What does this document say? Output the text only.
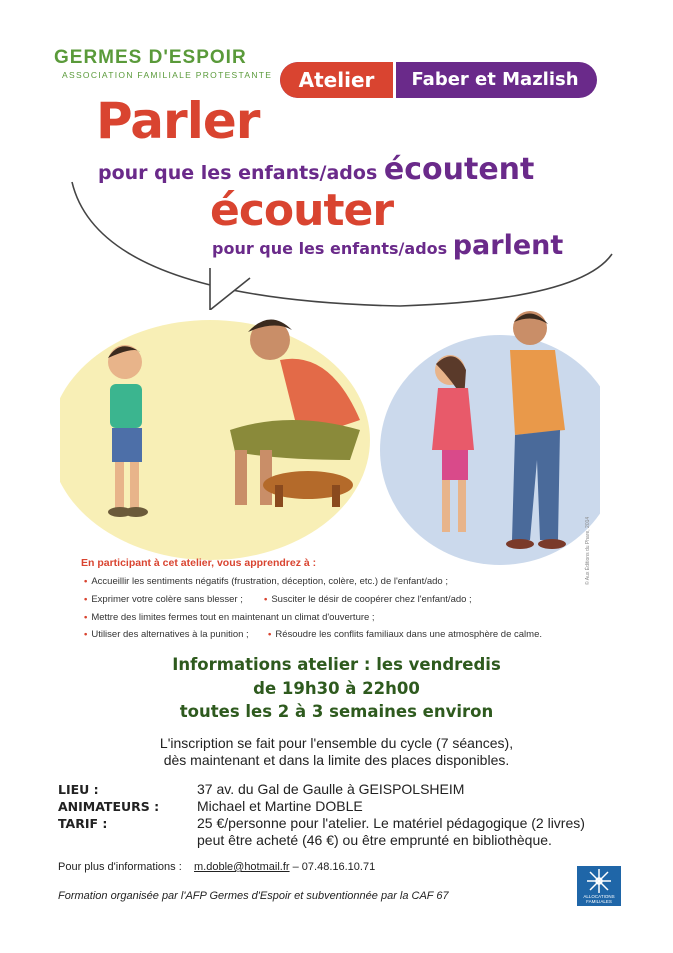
GERMES D'ESPOIR
ASSOCIATION FAMILIALE PROTESTANTE	Atelier	Faber et Mazlish
Parler
pour que les enfants/ados écoutent
écouter
pour que les enfants/ados parlent
En participant à cet atelier, vous apprendrez à :
• Accueillir les sentiments négatifs (frustration, déception, colère, etc.) de l'enfant/ado ;
• Exprimer votre colère sans blesser ; • Susciter le désir de coopérer chez l'enfant/ado ;
• Mettre des limites fermes tout en maintenant un climat d'ouverture ;
• Utiliser des alternatives à la punition ; • Résoudre les conflits familiaux dans une atmosphère de calme.
© Aux Éditions du Phare, 2014
Informations atelier : les vendredis
de 19h30 à 22h00
toutes les 2 à 3 semaines environ
L'inscription se fait pour l'ensemble du cycle (7 séances),
dès maintenant et dans la limite des places disponibles.
LIEU :	37 av. du Gal de Gaulle à GEISPOLSHEIM
ANIMATEURS :	Michael et Martine DOBLE
TARIF :	25 €/personne pour l'atelier. Le matériel pédagogique (2 livres)
peut être acheté (46 €) ou être emprunté en bibliothèque.
Pour plus d'informations : m.doble@hotmail.fr – 07.48.16.10.71
Formation organisée par l'AFP Germes d'Espoir et subventionnée par la CAF 67	ALLOCATIONS FAMILIALES
